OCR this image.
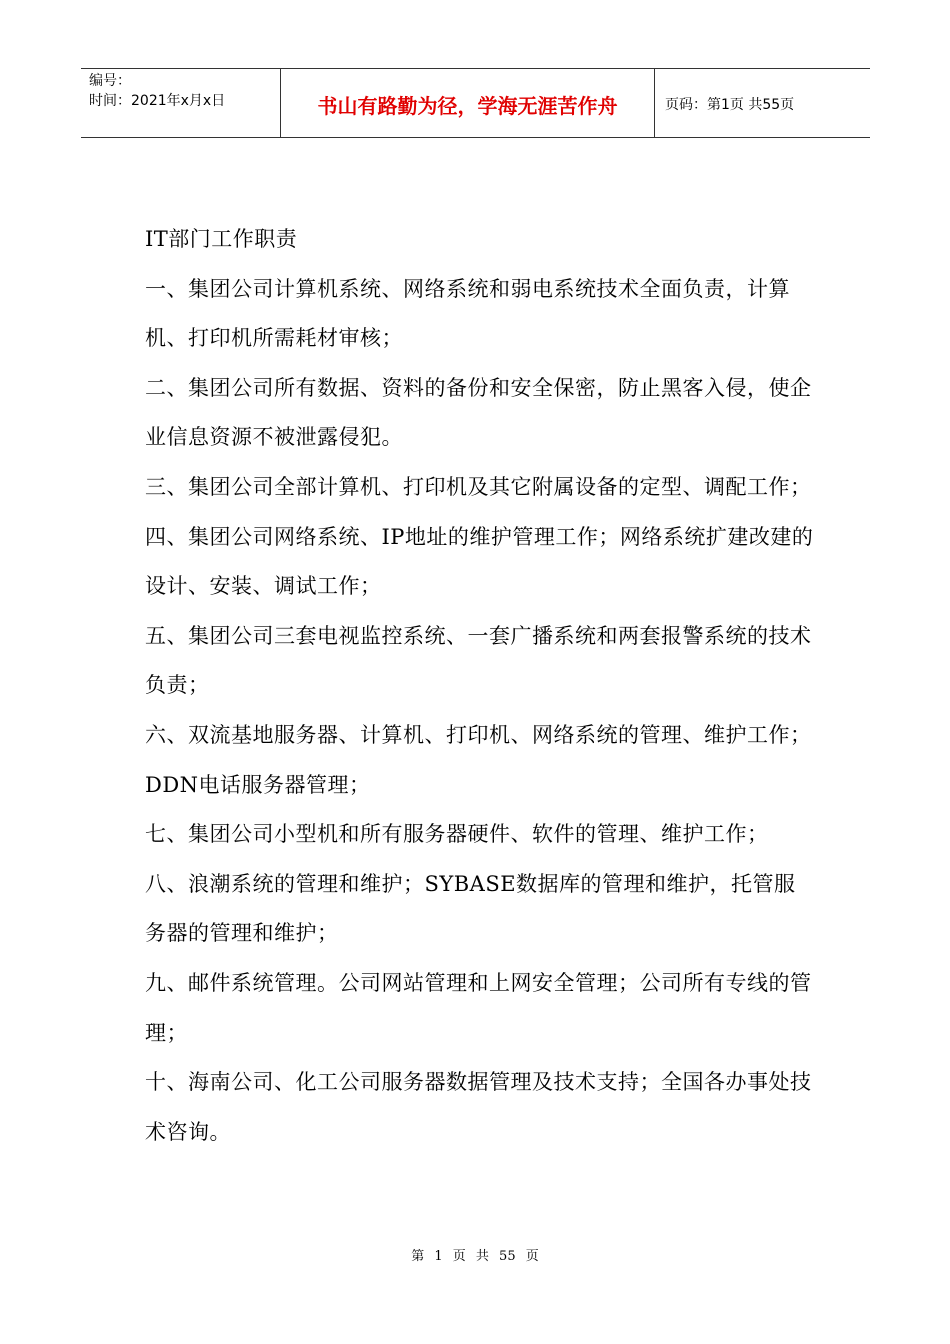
编号：
时间：2021年x月x日	书山有路勤为径，学海无涯苦作舟	页码：第1页 共55页

IT部门工作职责

一、集团公司计算机系统、网络系统和弱电系统技术全面负责，计算机、打印机所需耗材审核；

二、集团公司所有数据、资料的备份和安全保密，防止黑客入侵，使企业信息资源不被泄露侵犯。

三、集团公司全部计算机、打印机及其它附属设备的定型、调配工作；

四、集团公司网络系统、IP地址的维护管理工作；网络系统扩建改建的设计、安装、调试工作；

五、集团公司三套电视监控系统、一套广播系统和两套报警系统的技术负责；

六、双流基地服务器、计算机、打印机、网络系统的管理、维护工作；DDN电话服务器管理；

七、集团公司小型机和所有服务器硬件、软件的管理、维护工作；

八、浪潮系统的管理和维护；SYBASE数据库的管理和维护，托管服务器的管理和维护；

九、邮件系统管理。公司网站管理和上网安全管理；公司所有专线的管理；

十、海南公司、化工公司服务器数据管理及技术支持；全国各办事处技术咨询。

第 1 页 共 55 页
